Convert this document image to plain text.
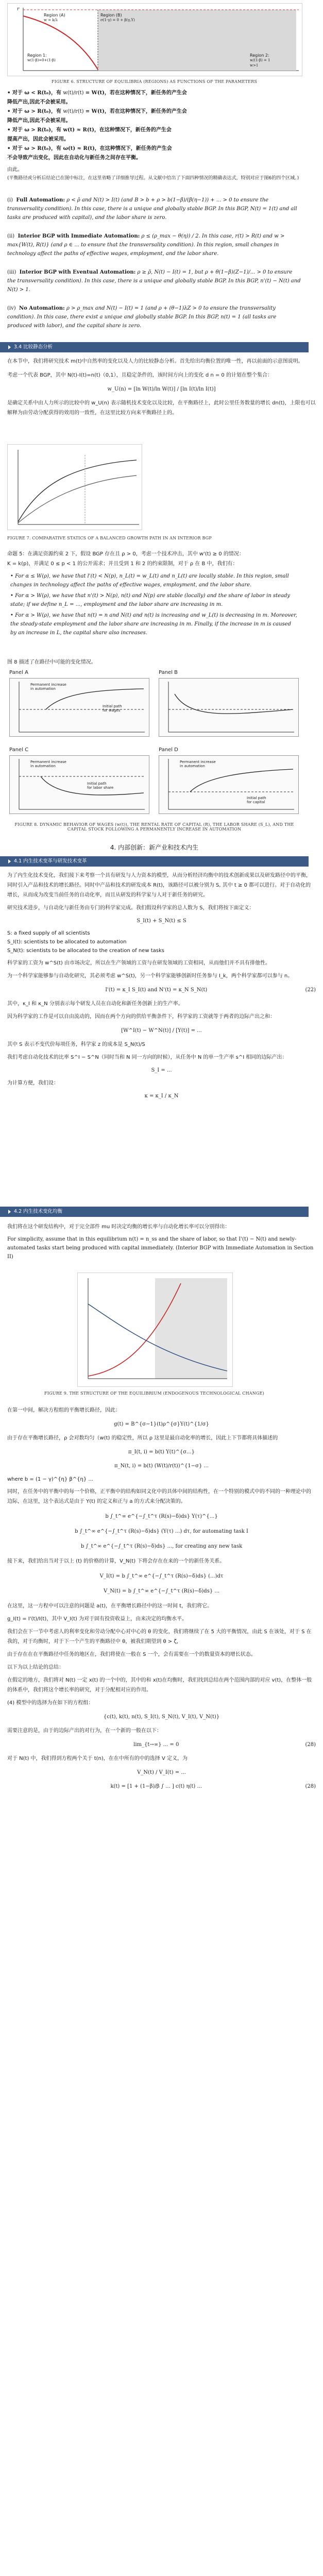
Region (A)
w = k/λ
Region (B)
σ(1-γ) = 0 + β(γ,Y)
Region 1:
w(1-β)=0+(1-β)
Region 2:
w/(1-β) = 1
w>1
r
FIGURE 6. STRUCTURE OF EQUILIBRIA (REGIONS) AS FUNCTIONS OF THE PARAMETERS
• 对于 ω < R(t₀)，有 w(t)/r(t) = W(t)，若在这种情况下，新任务的产生会
降低产出,因此不会被采用。
• 对于 ω > R(t₀)，有 w(t)/r(t) = W(t)，若在这种情况下，新任务的产生会
降低产出,因此不会被采用。
• 对于 ω > R(t₀)，有 w(t) ≈ R(t)，在这种情况下，新任务的产生会
提高产出，因此会被采用。
• 对于 ω > R(t₀)，有 ω(t) ≈ R(t)，在这种情况下，新任务的产生会
不会导致产出变化，因此在自动化与新任务之间存在平衡。
由此。
(平衡路径或分析后结论已在图中标注，在这里省略了详细推导过程。从文献中给出了下面四种情况的精确表达式，特别对应于图6的四个区域。)
(i) Full Automation: ρ < ρ̄ and N(t) > I(t) (and B > b + ρ > b(1−β)/(β(η−1)) + ... > 0 to ensure the transversality condition). In this case, there is a unique and globally stable BGP. In this BGP, N(t) = 1(t) and all tasks are produced with capital), and the labor share is zero.
(ii) Interior BGP with Immediate Automation: ρ ≤ (ρ_max − θ(η)) / 2. In this case, r(t) > R(t) and w > max{W(t), R(t)} (and ρ ∈ ... to ensure that the transversality condition). In this region, small changes in technology affect the paths of effective wages, employment, and the labor share.
(iii) Interior BGP with Eventual Automation: ρ ≥ ρ̃, N(t) − I(t) = 1, but ρ + θ(1−β)(Z−1)/... > 0 to ensure the transversality condition). In this case, there is a unique and globally stable BGP. In this BGP, n'(t) − N(t) and N(t) > 1.
(iv) No Automation: ρ > ρ_max and N(t) − I(t) = 1 (and ρ + (θ−1)λZ > 0 to ensure the transversality condition). In this case, there exist a unique and globally stable BGP. In this BGP, n(t) = 1 (all tasks are produced with labor), and the capital share is zero.
3.4 比较静态分析
在本节中，我们将研究技术 m(t)中自然率的变化以及人力的比较静态分析。首先给出均衡位置的唯一性，再以前面的示意图说明。
考虑一个代表 BGP，其中 N(t)-I(t)=n(t)（0,1），且稳定条件的，该时间方向上的变化 d n = 0 的计划在整个集合：
w_U(n) = [ln W(t)/ln W(t)] / [ln I(t)/ln I(t)]
是确定关系中由人力所示的比较中的 w_U(n) 表示随机技术变化以及比较，在平衡路径上，此时公里任务数量的增长 dn(t)，上限也可以解释为由劳动分配获得的效用的一致性，在这里比较方向来平衡路径上的。
FIGURE 7. COMPARATIVE STATICS OF A BALANCED GROWTH PATH IN AN INTERIOR BGP
命题 5：在满足资源约束 2 下，假设 BGP 存在且 ρ > 0，考虑一个技术冲击，其中 w'(t) ≥ 0 的情况：
K = k(p)，并满足 0 ≤ p < 1 的公开需求；并且受到 1 和 2 的约束限制，对于 ρ 在 B 中，我们有：
• For α ≤ W(ρ), we have that l'(t) < N(p), n_L(t) = w_L(t) and n_L(t) are locally stable. In this region, small changes in technology affect the paths of effective wages, employment, and the labor share.
• For α > W(ρ), we have that n'(t) > N(p), n(t) and N(p) are stable (locally) and the share of labor in steady state; if we define n_L = ..., employment and the labor share are increasing in m.
• For α > W(ρ), we have that n(t) = n and N(t) and n(t) is increasing and w_L(t) is decreasing in m. Moreover, the steady-state employment and the labor share are increasing in m. Finally, if the increase in m is caused by an increase in L, the capital share also increases.
图 8 描述了在路径中可能的变化情况。
Panel A
Initial path
for wages
Permanent increase
in automation
Panel B
Panel C
Permanent increase
in automation
Initial path
for labor share
Panel D
Permanent increase
in automation
Initial path
for capital
FIGURE 8. DYNAMIC BEHAVIOR OF WAGES (w(t)), THE RENTAL RATE OF CAPITAL (R), THE LABOR SHARE (S_L), AND THE CAPITAL STOCK FOLLOWING A PERMANENTLY INCREASE IN AUTOMATION
4. 内部创新：新产业和技术内生
4.1 内生技术变革与研发技术变革
为了内生化技术变化，我们接下来考察一个具有研发与人力资本的模型，从而分析经济均衡中的技术创新成果以及研发路径中的平衡，同时引入产品和技术的增长路径。同时中产品和技术的研发成本 R(t)，该路径可以被分别为 S, 其中 t ≥ 0 都可以进行。对于自动化的增长，从而成为改变当前任务的自动化率，而且从研发的科学家与人对于新任务的研究。
研究技术进步，与自动化与新任务由专门的科学家完成。我们假设科学家的总人数为 S，我们将按下面定义：
S_I(t) + S_N(t) ≤ S
S: a fixed supply of all scientists
S_I(t): scientists to be allocated to automation
S_N(t): scientists to be allocated to the creation of new tasks
科学家的工资为 w^S(t) 由市场决定，所以在生产领域的工资与在研发领域的工资相同，从而他们并不具有排他性。
为一个科学家能够参与自动化研究，其必须考虑 w^S(t)，另一个科学家能够创新时任务参与 I_k，两个科学家都可以参与 n。
I'(t) = κ_I S_I(t) and N'(t) = κ_N S_N(t)	(22)
其中，κ_I 和 κ_N 分别表示每个研发人员在自动化和新任务创新上的生产率。
因为科学家的工作是可以自由流动的，因而在两个方向的供给平衡条件下，科学家的工资就等于两者的边际产出之和：
[W^I(t) − W^N(t)] / [Y(t)] = ...
其中 S 表示不变代价每项任务，科学家 z 的成本是 S_N(t)/S
我们考虑自动化技术的比率 S^I − S^N（同时当和 N 同一方向的时候），从任务中 N 的单一生产率 s^I 相同的边际产出：
S_I = ...
为计算方便，我们设：
κ = κ_I / κ_N
4.2 内生技术变化均衡
我们将在这个研发结构中，对于完全部件 mu 时决定均衡的增长率与自动化增长率可以分别得出：
For simplicity, assume that in this equilibrium n(t) = n_ss and the share of labor, so that I'(t) − N(t) and newly-automated tasks start being produced with capital immediately. (Interior BGP with Immediate Automation in Section II)
FIGURE 9. THE STRUCTURE OF THE EQUILIBRIUM (ENDOGENOUS TECHNOLOGICAL CHANGE)
在第一中间，解决方程组的平衡增长路径，因此：
g(t) = B^{σ−1}(t)ρ^{σ}Y(t)^{1/σ}
由于存在平衡增长路径，ρ 会对数均匀（w(t) 的稳定性，所以 ρ 这里是最自动化率的增长，因此上下节都将具体描述的
π_I(t, i) = b(t) Y(t)^{σ...}
π_N(t, i) = b(t) (W(t)/r(t))^{1−σ} ...
where b = (1 − γ)^{η} β^{η} ...
同时，在任务中的平衡中的每一个价格，正平衡中的结构如同文化中的具体中间的结构性，在一个特别的模式中的不同的一种理论中的边际，在这里，这个表达式是由于 Y(t) 的定义和正与 a 的方式来分配决策的。
b ∫_t^∞ e^{−∫_t^τ (R(s)−δ)ds} Y(τ)^{...}
b ∫_t^∞ e^{−∫_t^τ (R(s)−δ)ds} (Y(τ) ...) dτ, for automating task I
b ∫_t^∞ e^{−∫_t^τ (R(s)−δ)ds} ..., for creating any new task
接下来，我们给出当对于以上 (t) 的价格的计算，V_N(t) 下将会存在在来的一个的新任务关系。
V_I(t) = b ∫_t^∞ e^{−∫_t^τ (R(s)−δ)ds} (...)dτ
V_N(t) = b ∫_t^∞ e^{−∫_t^τ (R(s)−δ)ds} ...
在这里，这一方程中可以注意的问题是 a(t)，在平衡增长路径中的这一时间 t，我们将它。
g_I(t) = I'(t)/I(t)，其中 V_I(t) 为对于固有投资收益上，由来决定的均衡水平。
我们会在下一节中考虑人的利率变化和劳动分配中心对中心的 θ 的变化，我们将继续了在 5 大的平衡情况，由此 S 在该处，对于 S 在我的，对于均衡时，对于下一个产生的平衡路径中 θ，被我们期望到 θ > ζ，
由于存在在在平衡路径中任务的地区在，我们将使在一般在 S 一个，会有需要在一个的数量资本的增长状态。
以下为以上结论的总结：
在假定的地方，我们将对 N(t) 一定 x(t) 的一个中的，其中的和 x(t)在均衡时，我们找到总结在两个范围内部的对应 v(t)，在整体一般的体系中，我们将这个增长率的研究，对于分配相对应的作用。
(4) 模型中的选择为在如下的方程组：
{c(t), k(t), n(t), S_I(t), S_N(t), V_I(t), V_N(t)}
需要注意的是，由于的边际产出的对行为，在一个新的一般在以下：
lim_{t→∞} ... = 0	(28)
对于 N(t) 中，我们得到方程两个关于 t(n)，在在中所有的中的选择 V 定义，为
V_N(t) / V_I(t) = ...
k(t) = [1 + (1−β)/β ∫ ... ] c(t) η(t) ...	(28)
